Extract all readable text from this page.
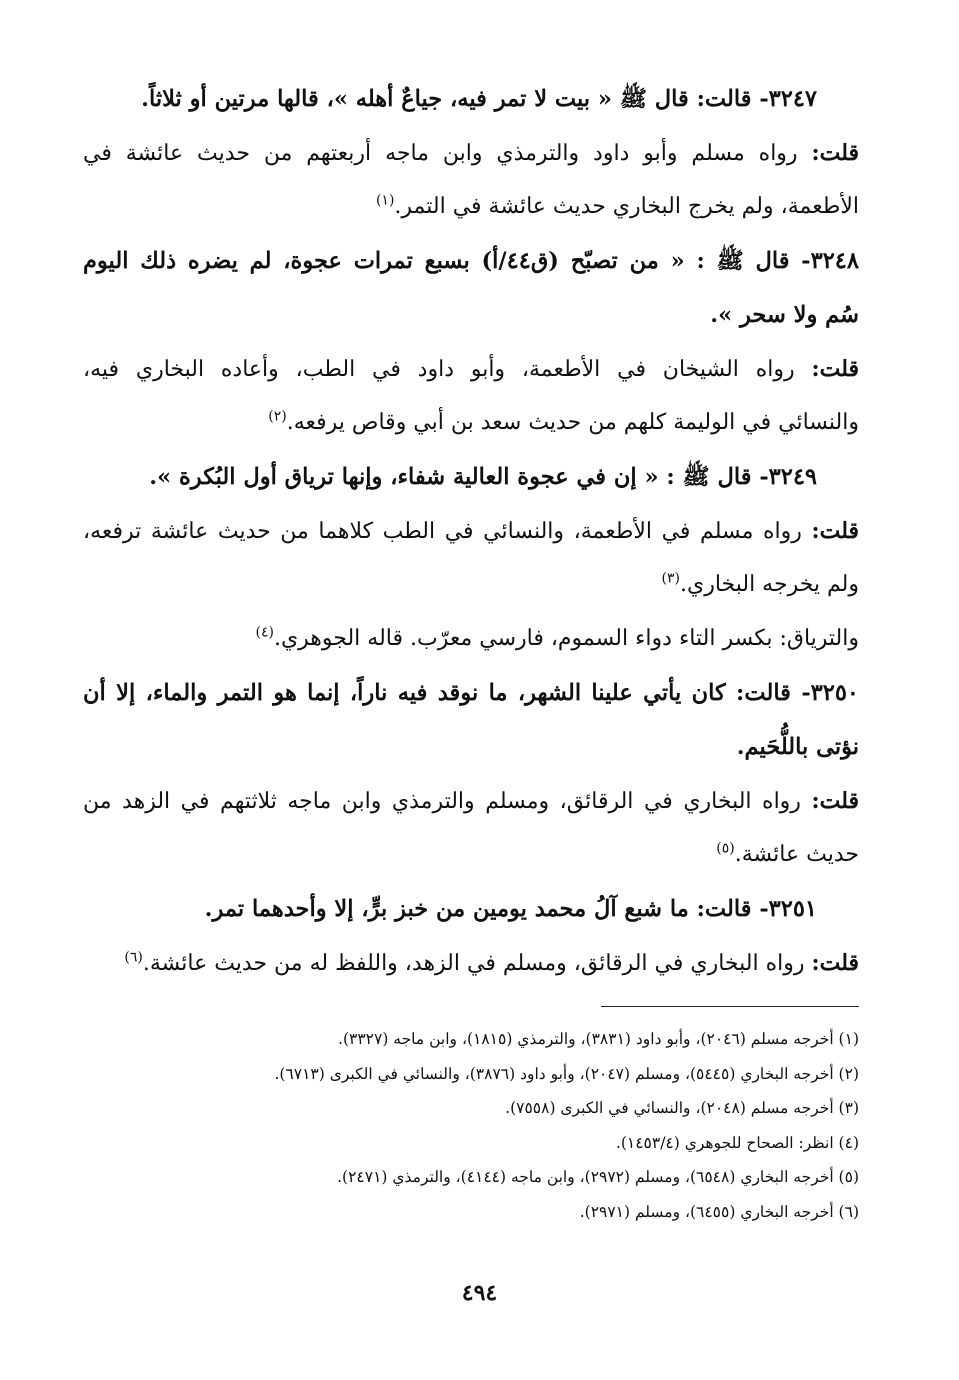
٣٢٤٧- قالت: قال ﷺ « بيت لا تمر فيه، جياعٌ أهله »، قالها مرتين أو ثلاثاً.
قلت: رواه مسلم وأبو داود والترمذي وابن ماجه أربعتهم من حديث عائشة في
الأطعمة، ولم يخرج البخاري حديث عائشة في التمر.$^{(١)}$
٣٢٤٨- قال ﷺ : « من تصبّح (ق٤٤/أ) بسبع تمرات عجوة، لم يضره ذلك اليوم
سُم ولا سحر ».
قلت: رواه الشيخان في الأطعمة، وأبو داود في الطب، وأعاده البخاري فيه،
والنسائي في الوليمة كلهم من حديث سعد بن أبي وقاص يرفعه.$^{(٢)}$
٣٢٤٩- قال ﷺ : « إن في عجوة العالية شفاء، وإنها ترياق أول البُكرة ».
قلت: رواه مسلم في الأطعمة، والنسائي في الطب كلاهما من حديث عائشة ترفعه،
ولم يخرجه البخاري.$^{(٣)}$
والترياق: بكسر التاء دواء السموم، فارسي معرّب. قاله الجوهري.$^{(٤)}$
٣٢٥٠- قالت: كان يأتي علينا الشهر، ما نوقد فيه ناراً، إنما هو التمر والماء، إلا أن
نؤتى باللُّحَيم.
قلت: رواه البخاري في الرقائق، ومسلم والترمذي وابن ماجه ثلاثتهم في الزهد من
حديث عائشة.$^{(٥)}$
٣٢٥١- قالت: ما شبع آلُ محمد يومين من خبز برٍّ، إلا وأحدهما تمر.
قلت: رواه البخاري في الرقائق، ومسلم في الزهد، واللفظ له من حديث عائشة.$^{(٦)}$
(١) أخرجه مسلم (٢٠٤٦)، وأبو داود (٣٨٣١)، والترمذي (١٨١٥)، وابن ماجه (٣٣٢٧).
(٢) أخرجه البخاري (٥٤٤٥)، ومسلم (٢٠٤٧)، وأبو داود (٣٨٧٦)، والنسائي في الكبرى (٦٧١٣).
(٣) أخرجه مسلم (٢٠٤٨)، والنسائي في الكبرى (٧٥٥٨).
(٤) انظر: الصحاح للجوهري (١٤٥٣/٤).
(٥) أخرجه البخاري (٦٥٤٨)، ومسلم (٢٩٧٢)، وابن ماجه (٤١٤٤)، والترمذي (٢٤٧١).
(٦) أخرجه البخاري (٦٤٥٥)، ومسلم (٢٩٧١).
٤٩٤
